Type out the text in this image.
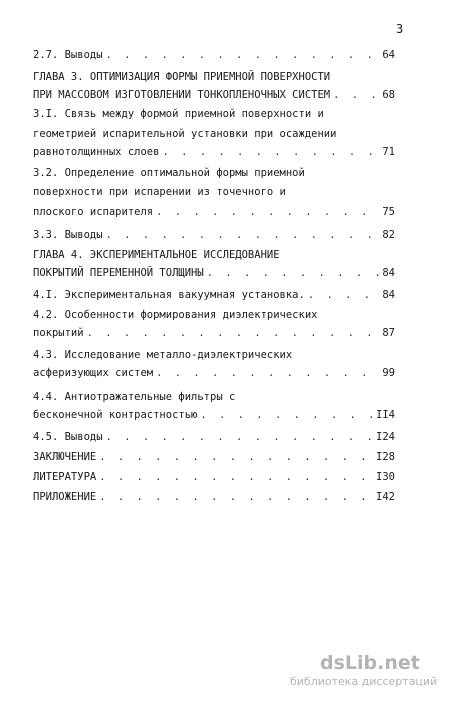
3
2.7. Выводы . . .	64
ГЛАВА 3. ОПТИМИЗАЦИЯ ФОРМЫ ПРИЕМНОЙ ПОВЕРХНОСТИ
ПРИ МАССОВОМ ИЗГОТОВЛЕНИИ ТОНКОПЛЕНОЧНЫХ СИСТЕМ . . .	68
3.I. Связь между формой приемной поверхности и
геометрией испарительной установки при осаждении
равнотолщинных слоев . . .	71
3.2. Определение оптимальной формы приемной
поверхности при испарении из точечного и
плоского испарителя . . .	75
3.3. Выводы . . .	82
ГЛАВА 4. ЭКСПЕРИМЕНТАЛЬНОЕ ИССЛЕДОВАНИЕ
ПОКРЫТИЙ ПЕРЕМЕННОЙ ТОЛЩИНЫ . . .	84
4.I. Экспериментальная вакуумная установка. . . .	84
4.2. Особенности формирования диэлектрических
покрытий . . .	87
4.3. Исследование металло-диэлектрических
асферизующих систем . . .	99
4.4. Антиотражательные фильтры с
бесконечной контрастностью . . .	II4
4.5. Выводы . . .	I24
ЗАКЛЮЧЕНИЕ . . .	I28
ЛИТЕРАТУРА . . .	I30
ПРИЛОЖЕНИЕ . . .	I42
dsLib.net
библиотека диссертаций
